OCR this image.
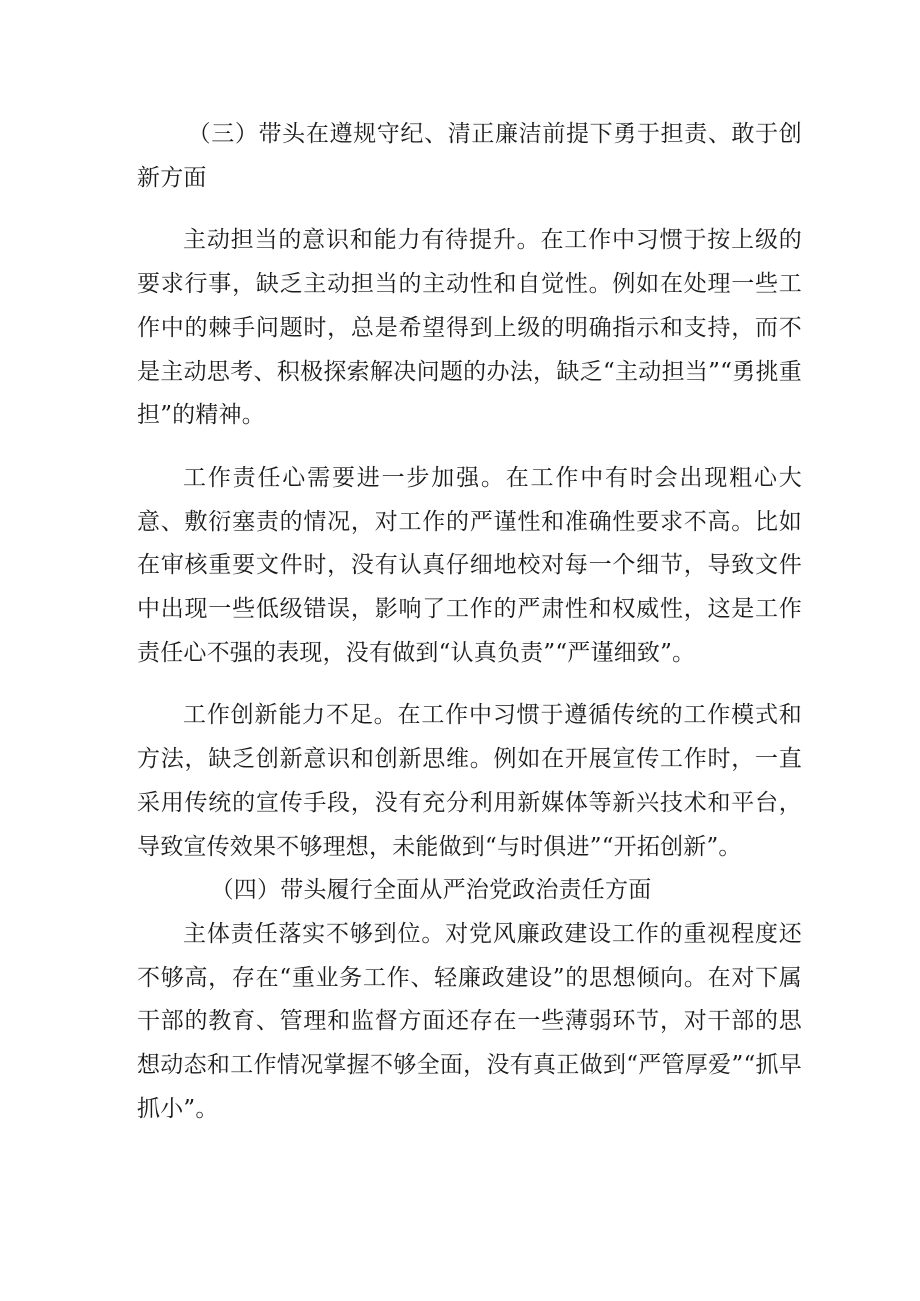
（三）带头在遵规守纪、清正廉洁前提下勇于担责、敢于创新方面

主动担当的意识和能力有待提升。在工作中习惯于按上级的要求行事，缺乏主动担当的主动性和自觉性。例如在处理一些工作中的棘手问题时，总是希望得到上级的明确指示和支持，而不是主动思考、积极探索解决问题的办法，缺乏“主动担当”“勇挑重担”的精神。

工作责任心需要进一步加强。在工作中有时会出现粗心大意、敷衍塞责的情况，对工作的严谨性和准确性要求不高。比如在审核重要文件时，没有认真仔细地校对每一个细节，导致文件中出现一些低级错误，影响了工作的严肃性和权威性，这是工作责任心不强的表现，没有做到“认真负责”“严谨细致”。

工作创新能力不足。在工作中习惯于遵循传统的工作模式和方法，缺乏创新意识和创新思维。例如在开展宣传工作时，一直采用传统的宣传手段，没有充分利用新媒体等新兴技术和平台，导致宣传效果不够理想，未能做到“与时俱进”“开拓创新”。

（四）带头履行全面从严治党政治责任方面

主体责任落实不够到位。对党风廉政建设工作的重视程度还不够高，存在“重业务工作、轻廉政建设”的思想倾向。在对下属干部的教育、管理和监督方面还存在一些薄弱环节，对干部的思想动态和工作情况掌握不够全面，没有真正做到“严管厚爱”“抓早抓小”。
